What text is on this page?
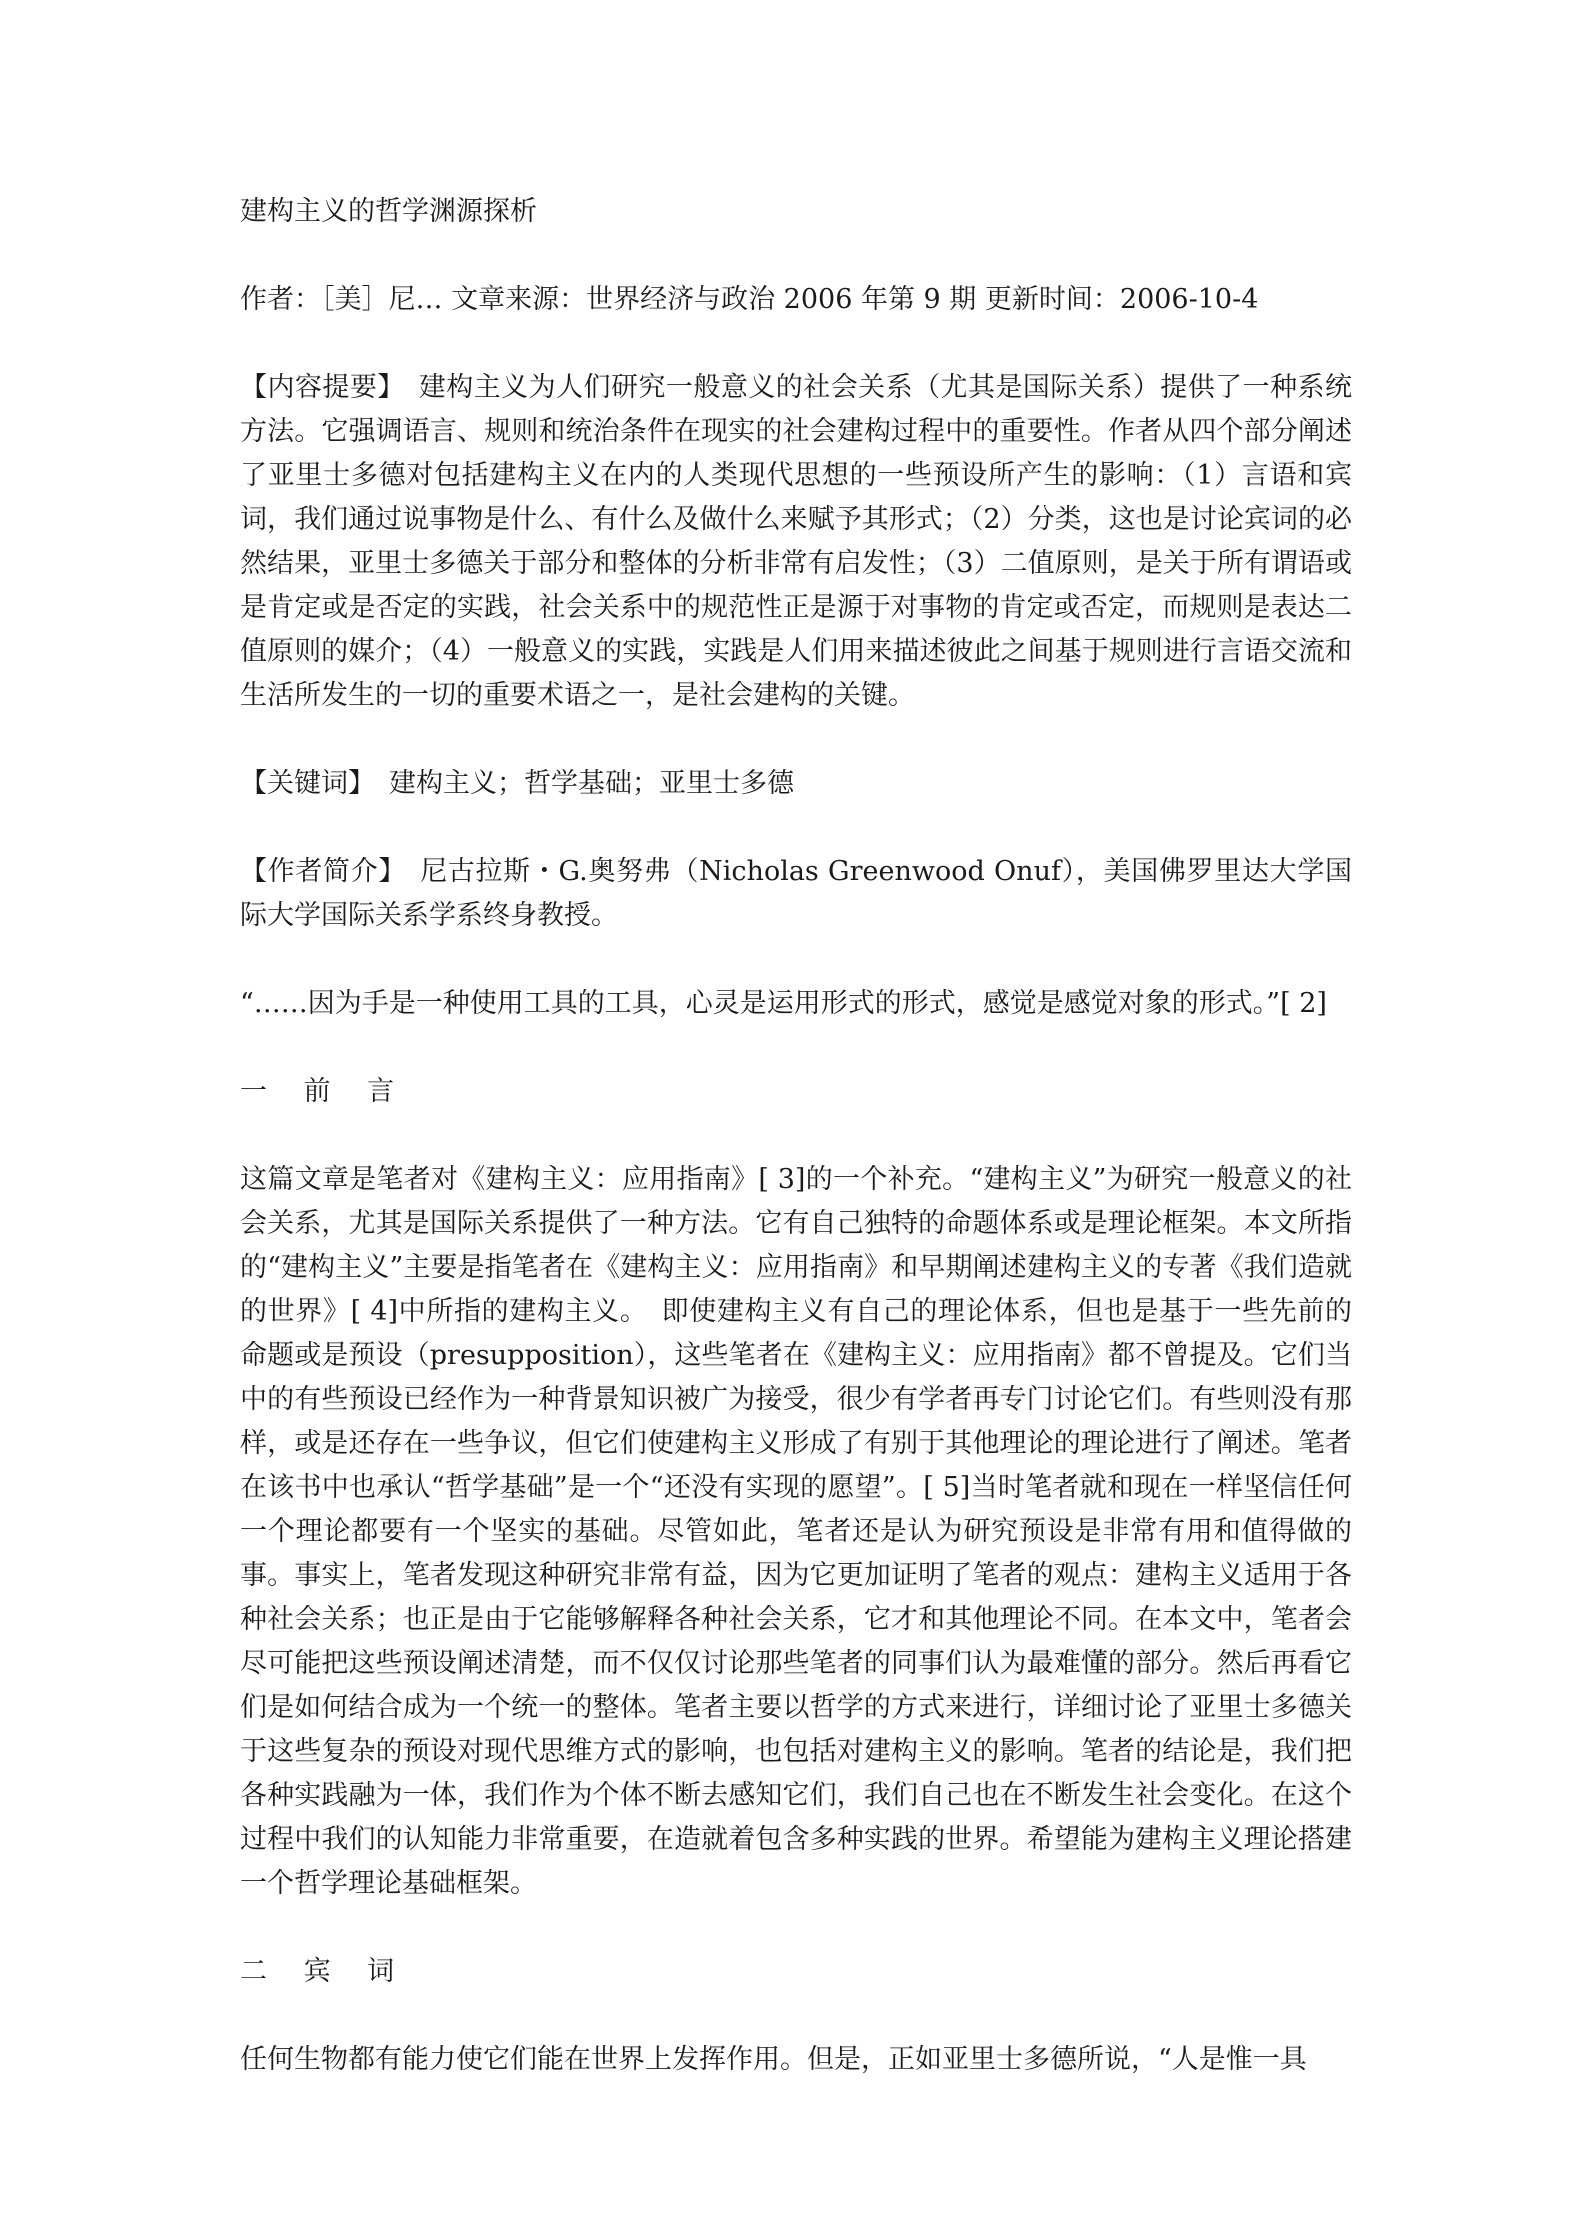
建构主义的哲学渊源探析

作者：［美］尼… 文章来源：世界经济与政治 2006 年第 9 期 更新时间：2006-10-4

【内容提要】 建构主义为人们研究一般意义的社会关系（尤其是国际关系）提供了一种系统方法。它强调语言、规则和统治条件在现实的社会建构过程中的重要性。作者从四个部分阐述了亚里士多德对包括建构主义在内的人类现代思想的一些预设所产生的影响：（1）言语和宾词，我们通过说事物是什么、有什么及做什么来赋予其形式；（2）分类，这也是讨论宾词的必然结果，亚里士多德关于部分和整体的分析非常有启发性；（3）二值原则，是关于所有谓语或是肯定或是否定的实践，社会关系中的规范性正是源于对事物的肯定或否定，而规则是表达二值原则的媒介；（4）一般意义的实践，实践是人们用来描述彼此之间基于规则进行言语交流和生活所发生的一切的重要术语之一，是社会建构的关键。

【关键词】 建构主义；哲学基础；亚里士多德

【作者简介】 尼古拉斯・G.奥努弗（Nicholas Greenwood Onuf），美国佛罗里达大学国际大学国际关系学系终身教授。

“……因为手是一种使用工具的工具，心灵是运用形式的形式，感觉是感觉对象的形式。”[ 2]

一 前 言

这篇文章是笔者对《建构主义：应用指南》[ 3]的一个补充。“建构主义”为研究一般意义的社会关系，尤其是国际关系提供了一种方法。它有自己独特的命题体系或是理论框架。本文所指的“建构主义”主要是指笔者在《建构主义：应用指南》和早期阐述建构主义的专著《我们造就的世界》[ 4]中所指的建构主义。　即使建构主义有自己的理论体系，但也是基于一些先前的命题或是预设（presupposition），这些笔者在《建构主义：应用指南》都不曾提及。它们当中的有些预设已经作为一种背景知识被广为接受，很少有学者再专门讨论它们。有些则没有那样，或是还存在一些争议，但它们使建构主义形成了有别于其他理论的理论进行了阐述。笔者在该书中也承认“哲学基础”是一个“还没有实现的愿望”。[ 5]当时笔者就和现在一样坚信任何一个理论都要有一个坚实的基础。尽管如此，笔者还是认为研究预设是非常有用和值得做的事。事实上，笔者发现这种研究非常有益，因为它更加证明了笔者的观点：建构主义适用于各种社会关系；也正是由于它能够解释各种社会关系，它才和其他理论不同。在本文中，笔者会尽可能把这些预设阐述清楚，而不仅仅讨论那些笔者的同事们认为最难懂的部分。然后再看它们是如何结合成为一个统一的整体。笔者主要以哲学的方式来进行，详细讨论了亚里士多德关于这些复杂的预设对现代思维方式的影响，也包括对建构主义的影响。笔者的结论是，我们把各种实践融为一体，我们作为个体不断去感知它们，我们自己也在不断发生社会变化。在这个过程中我们的认知能力非常重要，在造就着包含多种实践的世界。希望能为建构主义理论搭建一个哲学理论基础框架。

二 宾 词

任何生物都有能力使它们能在世界上发挥作用。但是，正如亚里士多德所说，“人是惟一具
